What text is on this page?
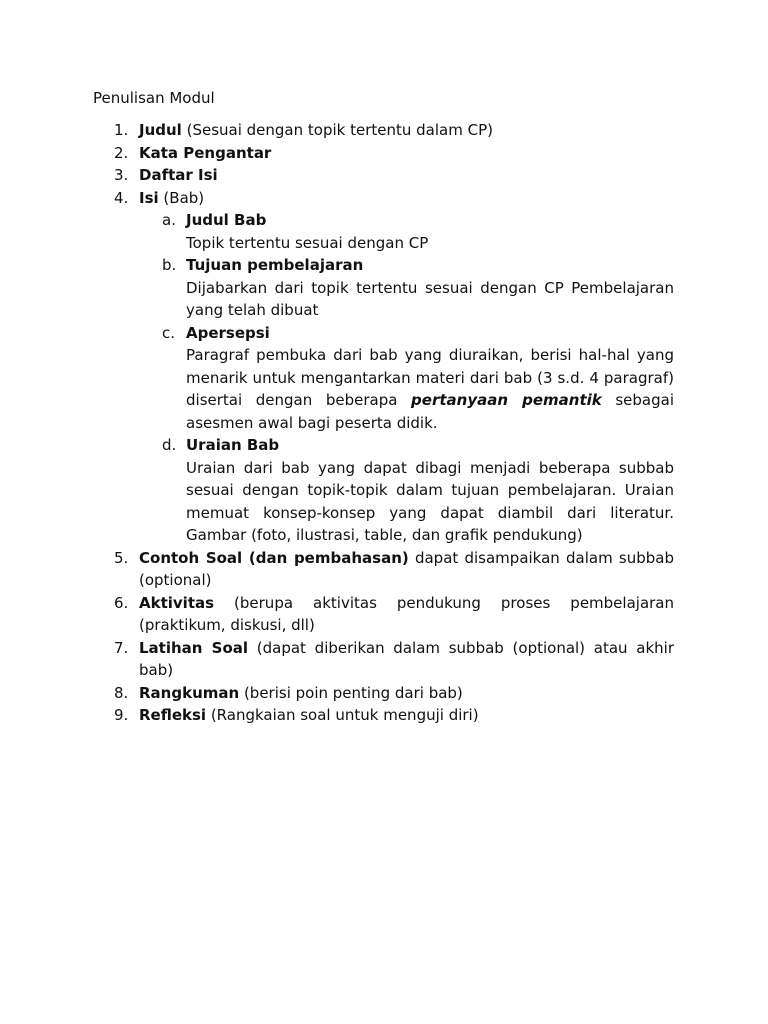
Penulisan Modul

1. Judul (Sesuai dengan topik tertentu dalam CP)
2. Kata Pengantar
3. Daftar Isi
4. Isi (Bab)
a. Judul Bab
Topik tertentu sesuai dengan CP
b. Tujuan pembelajaran
Dijabarkan dari topik tertentu sesuai dengan CP Pembelajaran yang telah dibuat
c. Apersepsi
Paragraf pembuka dari bab yang diuraikan, berisi hal-hal yang menarik untuk mengantarkan materi dari bab (3 s.d. 4 paragraf) disertai dengan beberapa pertanyaan pemantik sebagai asesmen awal bagi peserta didik.
d. Uraian Bab
Uraian dari bab yang dapat dibagi menjadi beberapa subbab sesuai dengan topik-topik dalam tujuan pembelajaran. Uraian memuat konsep-konsep yang dapat diambil dari literatur. Gambar (foto, ilustrasi, table, dan grafik pendukung)
5. Contoh Soal (dan pembahasan) dapat disampaikan dalam subbab (optional)
6. Aktivitas (berupa aktivitas pendukung proses pembelajaran (praktikum, diskusi, dll)
7. Latihan Soal (dapat diberikan dalam subbab (optional) atau akhir bab)
8. Rangkuman (berisi poin penting dari bab)
9. Refleksi (Rangkaian soal untuk menguji diri)
